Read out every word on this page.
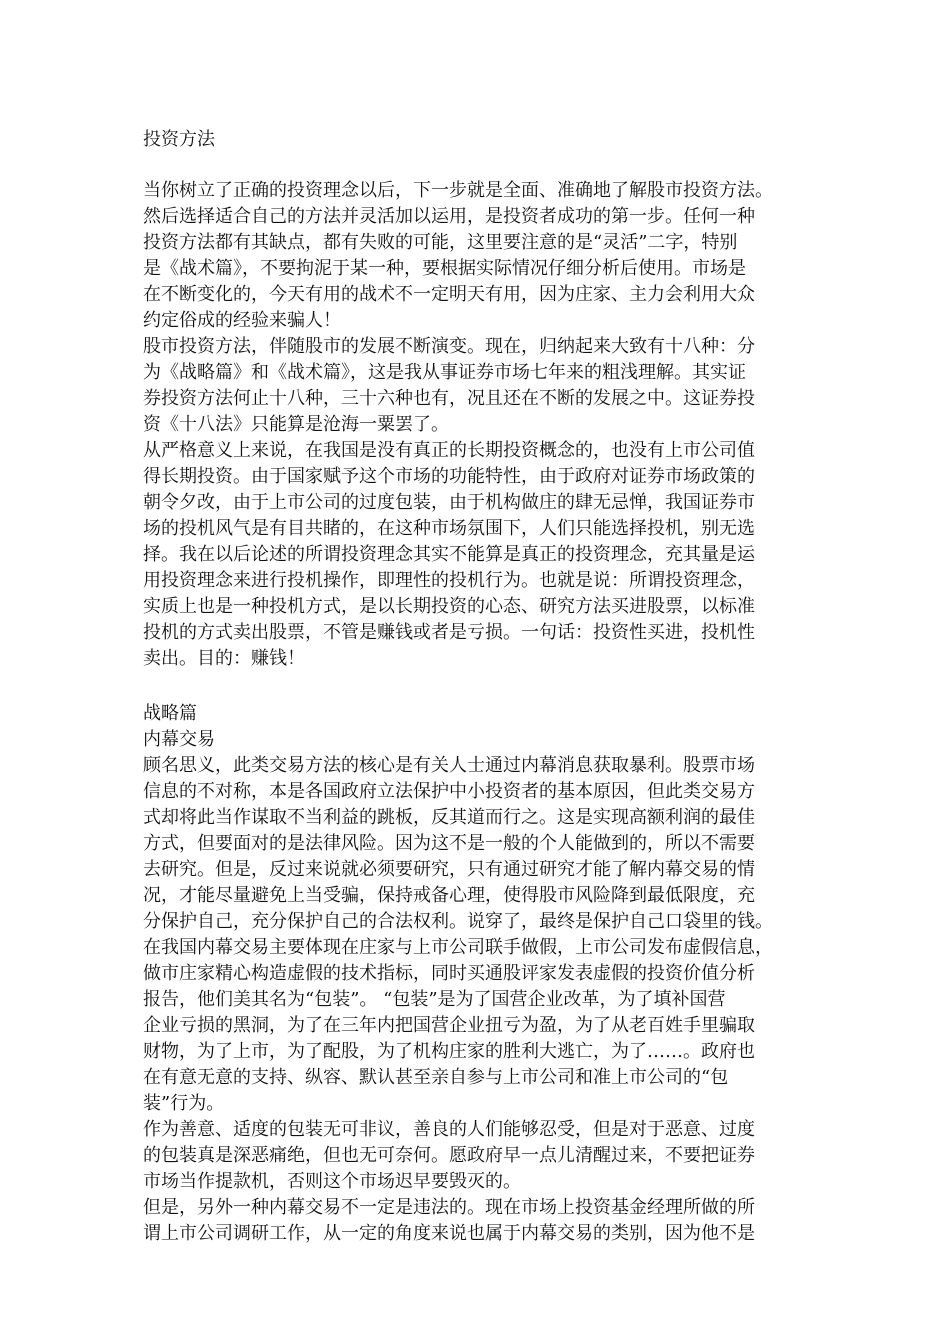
投资方法
当你树立了正确的投资理念以后，下一步就是全面、准确地了解股市投资方法。
然后选择适合自己的方法并灵活加以运用，是投资者成功的第一步。任何一种
投资方法都有其缺点，都有失败的可能，这里要注意的是“灵活”二字，特别
是《战术篇》，不要拘泥于某一种，要根据实际情况仔细分析后使用。市场是
在不断变化的，今天有用的战术不一定明天有用，因为庄家、主力会利用大众
约定俗成的经验来骗人！
股市投资方法，伴随股市的发展不断演变。现在，归纳起来大致有十八种：分
为《战略篇》和《战术篇》，这是我从事证券市场七年来的粗浅理解。其实证
券投资方法何止十八种，三十六种也有，况且还在不断的发展之中。这证券投
资《十八法》只能算是沧海一粟罢了。
从严格意义上来说，在我国是没有真正的长期投资概念的，也没有上市公司值
得长期投资。由于国家赋予这个市场的功能特性，由于政府对证券市场政策的
朝令夕改，由于上市公司的过度包装，由于机构做庄的肆无忌惮，我国证券市
场的投机风气是有目共睹的，在这种市场氛围下，人们只能选择投机，别无选
择。我在以后论述的所谓投资理念其实不能算是真正的投资理念，充其量是运
用投资理念来进行投机操作，即理性的投机行为。也就是说：所谓投资理念，
实质上也是一种投机方式，是以长期投资的心态、研究方法买进股票，以标准
投机的方式卖出股票，不管是赚钱或者是亏损。一句话：投资性买进，投机性
卖出。目的：赚钱！
战略篇
内幕交易
顾名思义，此类交易方法的核心是有关人士通过内幕消息获取暴利。股票市场
信息的不对称，本是各国政府立法保护中小投资者的基本原因，但此类交易方
式却将此当作谋取不当利益的跳板，反其道而行之。这是实现高额利润的最佳
方式，但要面对的是法律风险。因为这不是一般的个人能做到的，所以不需要
去研究。但是，反过来说就必须要研究，只有通过研究才能了解内幕交易的情
况，才能尽量避免上当受骗，保持戒备心理，使得股市风险降到最低限度，充
分保护自己，充分保护自己的合法权利。说穿了，最终是保护自己口袋里的钱。
在我国内幕交易主要体现在庄家与上市公司联手做假，上市公司发布虚假信息，
做市庄家精心构造虚假的技术指标，同时买通股评家发表虚假的投资价值分析
报告，他们美其名为“包装”。 “包装”是为了国营企业改革，为了填补国营
企业亏损的黑洞，为了在三年内把国营企业扭亏为盈，为了从老百姓手里骗取
财物，为了上市，为了配股，为了机构庄家的胜利大逃亡，为了……。政府也
在有意无意的支持、纵容、默认甚至亲自参与上市公司和准上市公司的“包
装”行为。
作为善意、适度的包装无可非议，善良的人们能够忍受，但是对于恶意、过度
的包装真是深恶痛绝，但也无可奈何。愿政府早一点儿清醒过来，不要把证券
市场当作提款机，否则这个市场迟早要毁灭的。
但是，另外一种内幕交易不一定是违法的。现在市场上投资基金经理所做的所
谓上市公司调研工作，从一定的角度来说也属于内幕交易的类别，因为他不是
